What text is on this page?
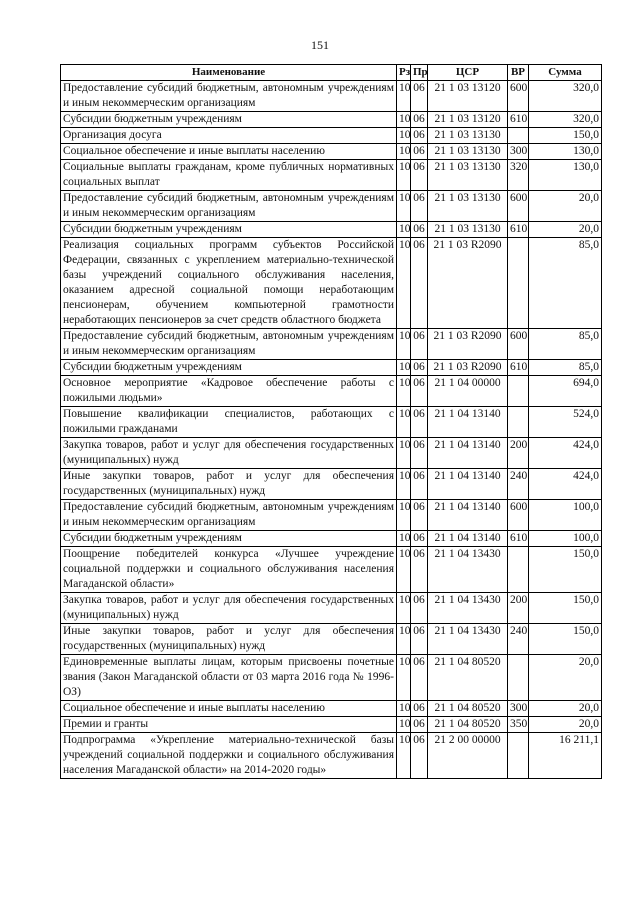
151
Наименование	Рз	Пр	ЦСР	ВР	Сумма
Предоставление субсидий бюджетным, автономным учреждениям и иным некоммерческим организациям	10	06	21 1 03 13120	600	320,0
Субсидии бюджетным учреждениям	10	06	21 1 03 13120	610	320,0
Организация досуга	10	06	21 1 03 13130		150,0
Социальное обеспечение и иные выплаты населению	10	06	21 1 03 13130	300	130,0
Социальные выплаты гражданам, кроме публичных нормативных социальных выплат	10	06	21 1 03 13130	320	130,0
Предоставление субсидий бюджетным, автономным учреждениям и иным некоммерческим организациям	10	06	21 1 03 13130	600	20,0
Субсидии бюджетным учреждениям	10	06	21 1 03 13130	610	20,0
Реализация социальных программ субъектов Российской Федерации, связанных с укреплением материально-технической базы учреждений социального обслуживания населения, оказанием адресной социальной помощи неработающим пенсионерам, обучением компьютерной грамотности неработающих пенсионеров за счет средств областного бюджета	10	06	21 1 03 R2090		85,0
Предоставление субсидий бюджетным, автономным учреждениям и иным некоммерческим организациям	10	06	21 1 03 R2090	600	85,0
Субсидии бюджетным учреждениям	10	06	21 1 03 R2090	610	85,0
Основное мероприятие «Кадровое обеспечение работы с пожилыми людьми»	10	06	21 1 04 00000		694,0
Повышение квалификации специалистов, работающих с пожилыми гражданами	10	06	21 1 04 13140		524,0
Закупка товаров, работ и услуг для обеспечения государственных (муниципальных) нужд	10	06	21 1 04 13140	200	424,0
Иные закупки товаров, работ и услуг для обеспечения государственных (муниципальных) нужд	10	06	21 1 04 13140	240	424,0
Предоставление субсидий бюджетным, автономным учреждениям и иным некоммерческим организациям	10	06	21 1 04 13140	600	100,0
Субсидии бюджетным учреждениям	10	06	21 1 04 13140	610	100,0
Поощрение победителей конкурса «Лучшее учреждение социальной поддержки и социального обслуживания населения Магаданской области»	10	06	21 1 04 13430		150,0
Закупка товаров, работ и услуг для обеспечения государственных (муниципальных) нужд	10	06	21 1 04 13430	200	150,0
Иные закупки товаров, работ и услуг для обеспечения государственных (муниципальных) нужд	10	06	21 1 04 13430	240	150,0
Единовременные выплаты лицам, которым присвоены почетные звания (Закон Магаданской области от 03 марта 2016 года № 1996-ОЗ)	10	06	21 1 04 80520		20,0
Социальное обеспечение и иные выплаты населению	10	06	21 1 04 80520	300	20,0
Премии и гранты	10	06	21 1 04 80520	350	20,0
Подпрограмма «Укрепление материально-технической базы учреждений социальной поддержки и социального обслуживания населения Магаданской области» на 2014-2020 годы»	10	06	21 2 00 00000		16 211,1
